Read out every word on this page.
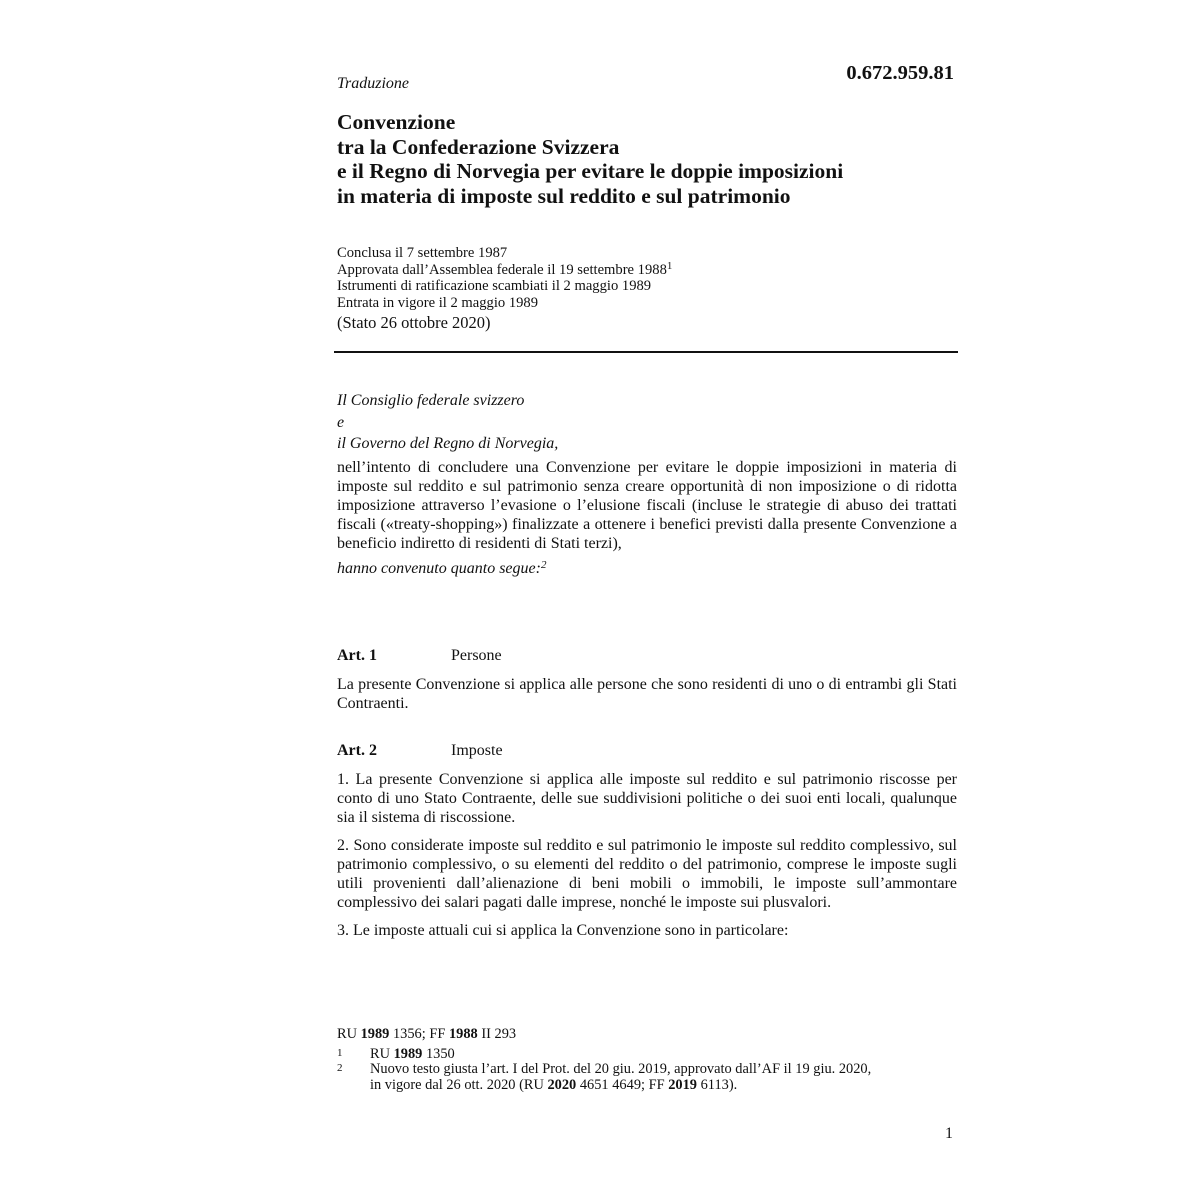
Traduzione	0.672.959.81
Convenzione
tra la Confederazione Svizzera
e il Regno di Norvegia per evitare le doppie imposizioni
in materia di imposte sul reddito e sul patrimonio
Conclusa il 7 settembre 1987
Approvata dall’Assemblea federale il 19 settembre 1988$^1$
Istrumenti di ratificazione scambiati il 2 maggio 1989
Entrata in vigore il 2 maggio 1989
(Stato 26 ottobre 2020)
Il Consiglio federale svizzero
e
il Governo del Regno di Norvegia,

nell’intento di concludere una Convenzione per evitare le doppie imposizioni in materia di imposte sul reddito e sul patrimonio senza creare opportunità di non imposizione o di ridotta imposizione attraverso l’evasione o l’elusione fiscali (incluse le strategie di abuso dei trattati fiscali («treaty-shopping») finalizzate a ottenere i benefici previsti dalla presente Convenzione a beneficio indiretto di residenti di Stati terzi),

hanno convenuto quanto segue:$^2$
Art. 1	Persone

La presente Convenzione si applica alle persone che sono residenti di uno o di entrambi gli Stati Contraenti.

Art. 2	Imposte

1. La presente Convenzione si applica alle imposte sul reddito e sul patrimonio riscosse per conto di uno Stato Contraente, delle sue suddivisioni politiche o dei suoi enti locali, qualunque sia il sistema di riscossione.

2. Sono considerate imposte sul reddito e sul patrimonio le imposte sul reddito complessivo, sul patrimonio complessivo, o su elementi del reddito o del patrimonio, comprese le imposte sugli utili provenienti dall’alienazione di beni mobili o immobili, le imposte sull’ammontare complessivo dei salari pagati dalle imprese, nonché le imposte sui plusvalori.

3. Le imposte attuali cui si applica la Convenzione sono in particolare:

RU 1989 1356; FF 1988 II 293
1	RU 1989 1350
2	Nuovo testo giusta l’art. I del Prot. del 20 giu. 2019, approvato dall’AF il 19 giu. 2020,
in vigore dal 26 ott. 2020 (RU 2020 4651 4649; FF 2019 6113).
1
